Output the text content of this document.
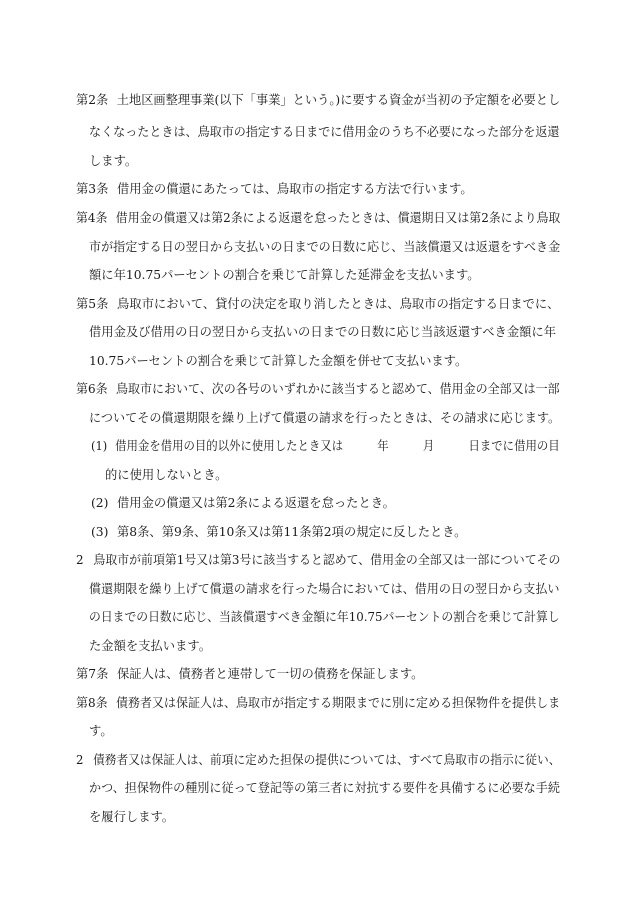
第2条 土地区画整理事業(以下「事業」という。)に要する資金が当初の予定額を必要とし
なくなったときは、鳥取市の指定する日までに借用金のうち不必要になった部分を返還
します。
第3条 借用金の償還にあたっては、鳥取市の指定する方法で行います。
第4条 借用金の償還又は第2条による返還を怠ったときは、償還期日又は第2条により鳥取
市が指定する日の翌日から支払いの日までの日数に応じ、当該償還又は返還をすべき金
額に年10.75パーセントの割合を乗じて計算した延滞金を支払います。
第5条 鳥取市において、貸付の決定を取り消したときは、鳥取市の指定する日までに、
借用金及び借用の日の翌日から支払いの日までの日数に応じ当該返還すべき金額に年
10.75パーセントの割合を乗じて計算した金額を併せて支払います。
第6条 鳥取市において、次の各号のいずれかに該当すると認めて、借用金の全部又は一部
についてその償還期限を繰り上げて償還の請求を行ったときは、その請求に応じます。
(1) 借用金を借用の目的以外に使用したとき又は　　　年　　　月　　　日までに借用の目
的に使用しないとき。
(2) 借用金の償還又は第2条による返還を怠ったとき。
(3) 第8条、第9条、第10条又は第11条第2項の規定に反したとき。
2 鳥取市が前項第1号又は第3号に該当すると認めて、借用金の全部又は一部についてその
償還期限を繰り上げて償還の請求を行った場合においては、借用の日の翌日から支払い
の日までの日数に応じ、当該償還すべき金額に年10.75パーセントの割合を乗じて計算し
た金額を支払います。
第7条 保証人は、債務者と連帯して一切の債務を保証します。
第8条 債務者又は保証人は、鳥取市が指定する期限までに別に定める担保物件を提供しま
す。
2 債務者又は保証人は、前項に定めた担保の提供については、すべて鳥取市の指示に従い、
かつ、担保物件の種別に従って登記等の第三者に対抗する要件を具備するに必要な手続
を履行します。
